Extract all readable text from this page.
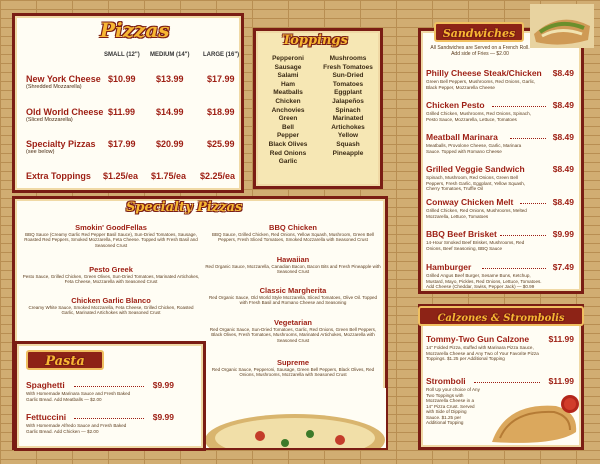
Pizzas
SMALL (12") MEDIUM (14") LARGE (16")
New York Cheese
(Shredded Mozzarella)
$10.99 $13.99	$17.99
Old World Cheese
(Sliced Mozzarella)
$11.99 $14.99	$18.99
Specialty Pizzas
(see below)
$17.99 $20.99	$25.99
Extra Toppings $1.25/ea $1.75/ea $2.25/ea
Toppings
Pepperoni
Sausage
Salami
Ham
Meatballs
Chicken
Anchovies
Green Bell Pepper
Black Olives
Red Onions
Garlic
Mushrooms
Fresh Tomatoes
Sun-Dried Tomatoes
Eggplant
Jalapeños
Spinach
Marinated Artichokes
Yellow Squash
Pineapple
Specialty Pizzas
Smokin' GoodFellas
BBQ Sauce (Creamy Garlic Red Pepper Basil Sauce), Sun-Dried Tomatoes, Sausage, Roasted Red Peppers, Smoked Mozzarella, Feta Cheese. Topped with Fresh Basil and Seasoned Crust
Pesto Greek
Pesto Sauce, Grilled Chicken, Green Olives, Sun-Dried Tomatoes, Marinated Artichokes, Feta Cheese, Mozzarella with Seasoned Crust
Chicken Garlic Blanco
Creamy White Sauce, Smoked Mozzarella, Feta Cheese, Grilled Chicken, Roasted Garlic, Marinated Artichokes with Seasoned Crust
BBQ Chicken
BBQ Sauce, Grilled Chicken, Red Onions, Yellow Squash, Mushroom, Green Bell Peppers, Fresh Sliced Tomatoes, Smoked Mozzarella with Seasoned Crust
Hawaiian
Red Organic Sauce, Mozzarella, Canadian Bacon, Bacon Bits and Fresh Pineapple with Seasoned Crust
Classic Margherita
Red Organic Sauce, Old World Style Mozzarella, Sliced Tomatoes, Olive Oil. Topped with Fresh Basil and Romano Cheese and Seasoning
Vegetarian
Red Organic Sauce, Sun-Dried Tomatoes, Garlic, Red Onions, Green Bell Peppers, Black Olives, Fresh Tomatoes, Mushrooms, Marinated Artichokes, Mozzarella with Seasoned Crust
Supreme
Red Organic Sauce, Pepperoni, Sausage, Green Bell Peppers, Black Olives, Red Onions, Mushrooms, Mozzarella with Seasoned Crust
Pasta
Spaghetti	$9.99
With Homemade Marinara Sauce and Fresh Baked Garlic Bread. Add Meatballs — $2.00
Fettuccini	$9.99
With Homemade Alfredo Sauce and Fresh Baked Garlic Bread. Add Chicken — $2.00
Sandwiches
All Sandwiches are Served on a French Roll. Add side of Fries — $2.00
Philly Cheese Steak/Chicken	$8.49
Green Bell Peppers, Mushrooms, Red Onions, Garlic, Black Pepper, Mozzarella Cheese
Chicken Pesto	$8.49
Grilled Chicken, Mushrooms, Red Onions, Spinach, Pesto Sauce, Mozzarella, Lettuce, Tomatoes
Meatball Marinara	$8.49
Meatballs, Provolone Cheese, Garlic, Marinara Sauce. Topped with Romano Cheese
Grilled Veggie Sandwich	$8.49
Spinach, Mushroom, Red Onions, Green Bell Peppers, Fresh Garlic, Eggplant, Yellow Squash, Cherry Tomatoes, Truffle Oil
Conway Chicken Melt	$8.49
Grilled Chicken, Red Onions, Mushrooms, Melted Mozzarella, Lettuce, Tomatoes
BBQ Beef Brisket	$9.99
14-Hour Smoked Beef Brisket, Mushrooms, Red Onions, Beef Seasoning, BBQ Sauce
Hamburger	$7.49
Grilled Angus Beef Burger, Sesame Buns, Ketchup, Mustard, Mayo, Pickles, Red Onions, Lettuce, Tomatoes. Add Cheese (Cheddar, Swiss, Pepper Jack) — $0.99
Calzones & Strombolis
Tommy-Two Gun Calzone	$11.99
14" Folded Pizza, stuffed with Marinara Pizza Sauce, Mozzarella Cheese and Any Two of Your Favorite Pizza Toppings. $1.25 per Additional Topping
Stromboli	$11.99
Roll Up your choice of Any Two Toppings with Mozzarella Cheese in a 14" Pizza Crust. Served with Side of Dipping Sauce. $1.25 per Additional Topping
